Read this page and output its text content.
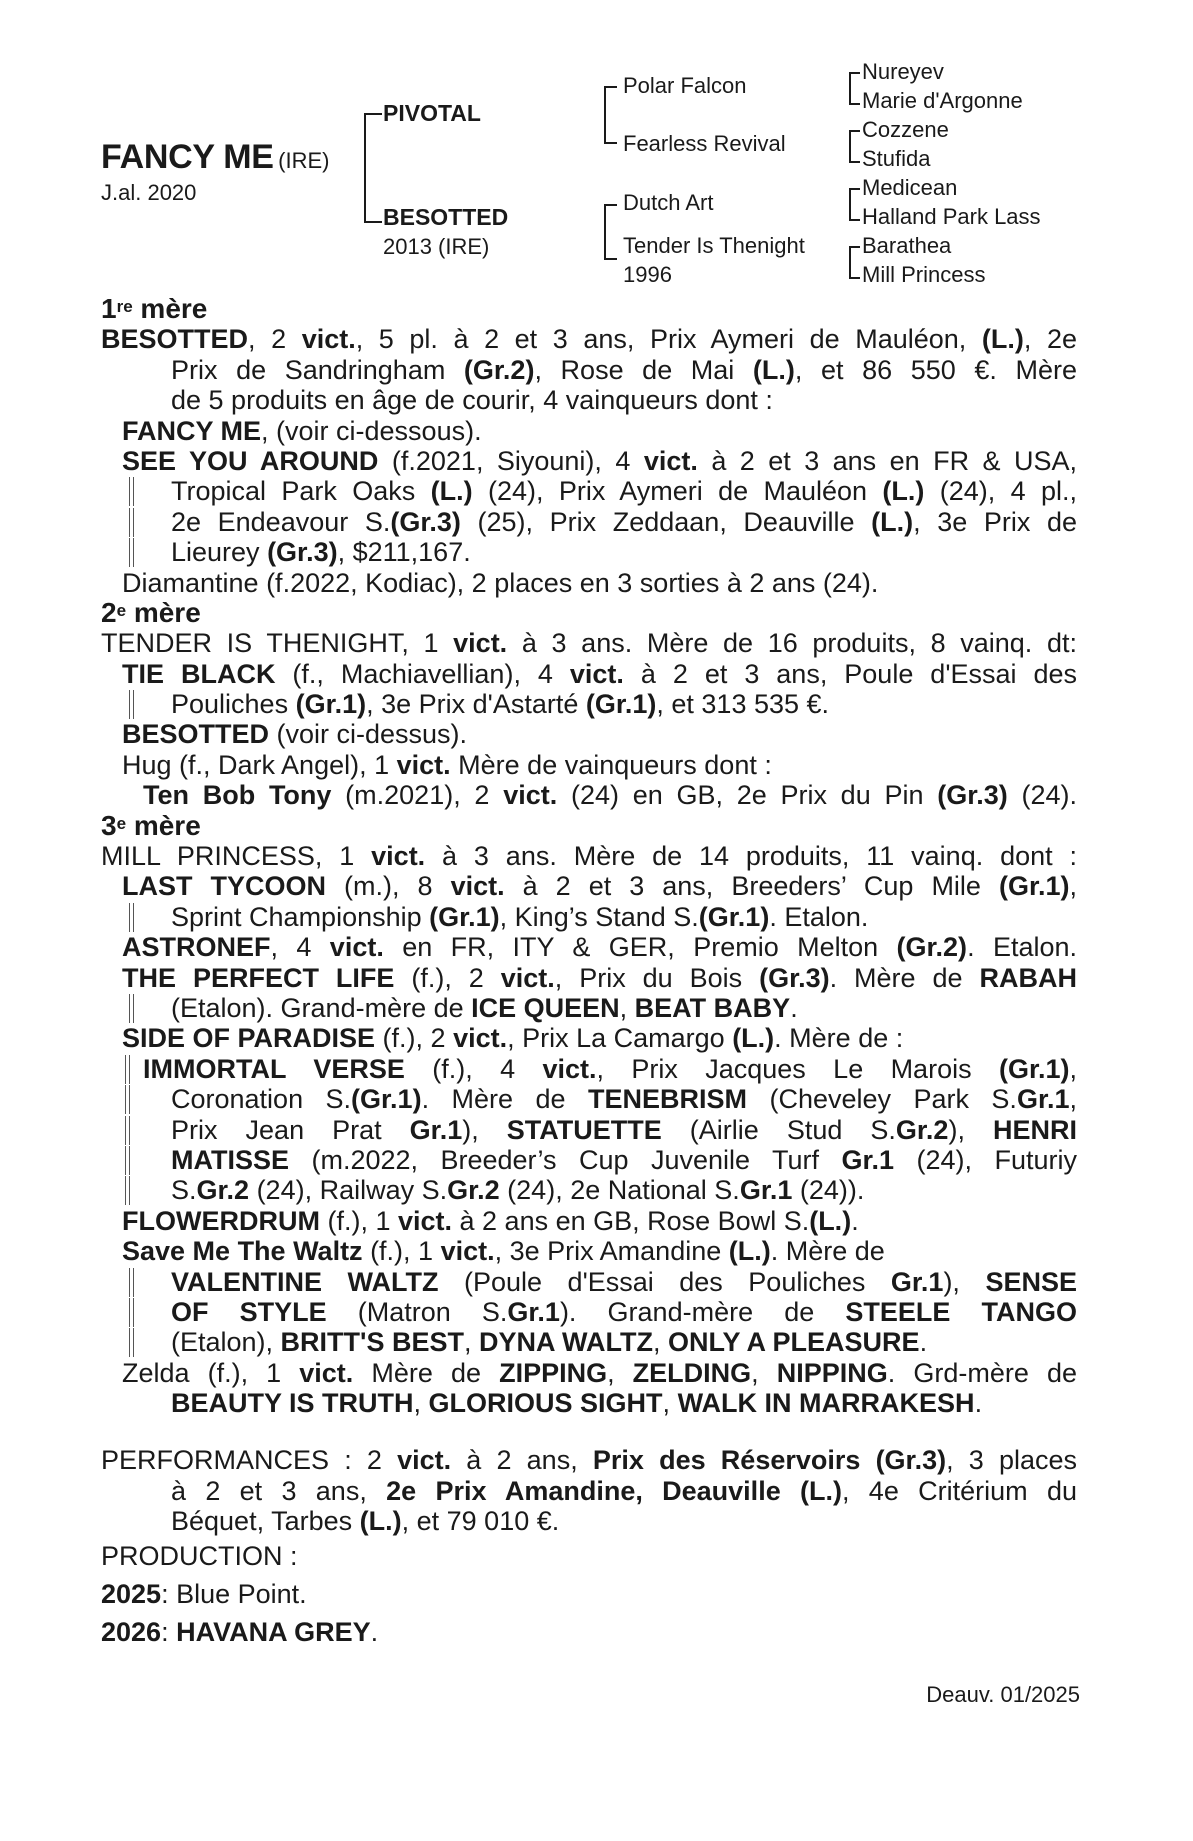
FANCY ME (IRE)
J.al. 2020
PIVOTAL
BESOTTED
2013 (IRE)
Polar Falcon
Fearless Revival
Dutch Art
Tender Is Thenight
1996
Nureyev
Marie d'Argonne
Cozzene
Stufida
Medicean
Halland Park Lass
Barathea
Mill Princess
1re mère
BESOTTED, 2 vict., 5 pl. à 2 et 3 ans, Prix Aymeri de Mauléon, (L.), 2e
Prix de Sandringham (Gr.2), Rose de Mai (L.), et 86 550 €. Mère
de 5 produits en âge de courir, 4 vainqueurs dont :
FANCY ME, (voir ci-dessous).
SEE YOU AROUND (f.2021, Siyouni), 4 vict. à 2 et 3 ans en FR & USA,
Tropical Park Oaks (L.) (24), Prix Aymeri de Mauléon (L.) (24), 4 pl.,
2e Endeavour S.(Gr.3) (25), Prix Zeddaan, Deauville (L.), 3e Prix de
Lieurey (Gr.3), $211,167.
Diamantine (f.2022, Kodiac), 2 places en 3 sorties à 2 ans (24).
2e mère
TENDER IS THENIGHT, 1 vict. à 3 ans. Mère de 16 produits, 8 vainq. dt:
TIE BLACK (f., Machiavellian), 4 vict. à 2 et 3 ans, Poule d'Essai des
Pouliches (Gr.1), 3e Prix d'Astarté (Gr.1), et 313 535 €.
BESOTTED (voir ci-dessus).
Hug (f., Dark Angel), 1 vict. Mère de vainqueurs dont :
Ten Bob Tony (m.2021), 2 vict. (24) en GB, 2e Prix du Pin (Gr.3) (24).
3e mère
MILL PRINCESS, 1 vict. à 3 ans. Mère de 14 produits, 11 vainq. dont :
LAST TYCOON (m.), 8 vict. à 2 et 3 ans, Breeders’ Cup Mile (Gr.1),
Sprint Championship (Gr.1), King’s Stand S.(Gr.1). Etalon.
ASTRONEF, 4 vict. en FR, ITY & GER, Premio Melton (Gr.2). Etalon.
THE PERFECT LIFE (f.), 2 vict., Prix du Bois (Gr.3). Mère de RABAH
(Etalon). Grand-mère de ICE QUEEN, BEAT BABY.
SIDE OF PARADISE (f.), 2 vict., Prix La Camargo (L.). Mère de :
IMMORTAL VERSE (f.), 4 vict., Prix Jacques Le Marois (Gr.1),
Coronation S.(Gr.1). Mère de TENEBRISM (Cheveley Park S.Gr.1,
Prix Jean Prat Gr.1), STATUETTE (Airlie Stud S.Gr.2), HENRI
MATISSE (m.2022, Breeder’s Cup Juvenile Turf Gr.1 (24), Futuriy
S.Gr.2 (24), Railway S.Gr.2 (24), 2e National S.Gr.1 (24)).
FLOWERDRUM (f.), 1 vict. à 2 ans en GB, Rose Bowl S.(L.).
Save Me The Waltz (f.), 1 vict., 3e Prix Amandine (L.). Mère de
VALENTINE WALTZ (Poule d'Essai des Pouliches Gr.1), SENSE
OF STYLE (Matron S.Gr.1). Grand-mère de STEELE TANGO
(Etalon), BRITT'S BEST, DYNA WALTZ, ONLY A PLEASURE.
Zelda (f.), 1 vict. Mère de ZIPPING, ZELDING, NIPPING. Grd-mère de
BEAUTY IS TRUTH, GLORIOUS SIGHT, WALK IN MARRAKESH.
PERFORMANCES : 2 vict. à 2 ans, Prix des Réservoirs (Gr.3), 3 places
à 2 et 3 ans, 2e Prix Amandine, Deauville (L.), 4e Critérium du
Béquet, Tarbes (L.), et 79 010 €.
PRODUCTION :
2025: Blue Point.
2026: HAVANA GREY.
Deauv. 01/2025
